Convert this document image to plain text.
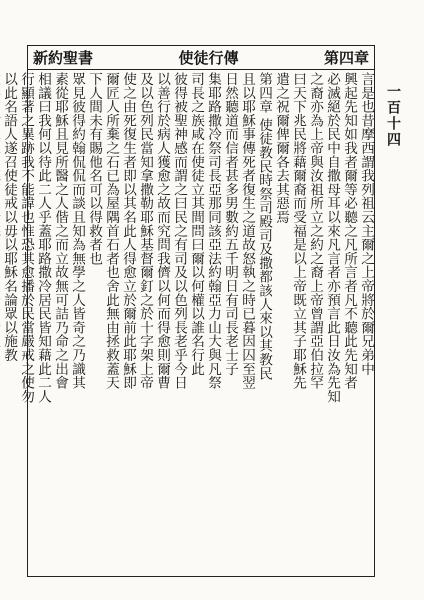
新約聖書	使徒行傳	第四章
言是也昔摩西謂我列祖云主爾之上帝將於爾兄弟中
興起先知如我者爾等必聽之凡所言者凡不聽此先知者
必滅絕於民中自撒母耳以來凡言者亦預言此日汝為先知
之裔亦為上帝與汝祖所立之約之裔上帝曾謂亞伯拉罕
曰天下兆民將藉爾裔而受福是以上帝既立其子耶穌先
遣之祝爾俾爾各去其惡焉
第四章 使徒教民時祭司殿司及撒都該人來以其教民
且以耶穌事傳死者復生之道故怒執之時已暮因囚至翌
日然聽道而信者甚多男數約五千明日有司長老士子
集耶路撒冷祭司長亞那同該亞法約翰亞力山大與凡祭
司長之族咸在使徒立其間問曰爾以何權以誰名行此
彼得被聖神感而謂之曰民之有司及以色列長老乎今日
以善行於病人獲愈之故而究問我儕以何而得愈則爾曹
及以色列民當知拿撒勒耶穌基督爾釘之於十字架上帝
使之由死復生者即以其名此人得愈立於爾前此耶穌即
爾匠人所棄之石已為屋隅首石者也舍此無由拯救蓋天
下人間未有賜他名可以得救者也
眾見彼得約翰侃侃而談且知為無學之人皆奇之乃識其
素從耶穌且見所醫之人偕之而立故無可詰乃命之出會
相議曰我何以待此二人乎蓋耶路撒冷居民皆知藉此二人
行顯著之異跡我不能諱也惟恐其愈播於民當嚴戒之使勿
以此名語人遂召使徒戒以毋以耶穌名論眾以施教	一百十四
